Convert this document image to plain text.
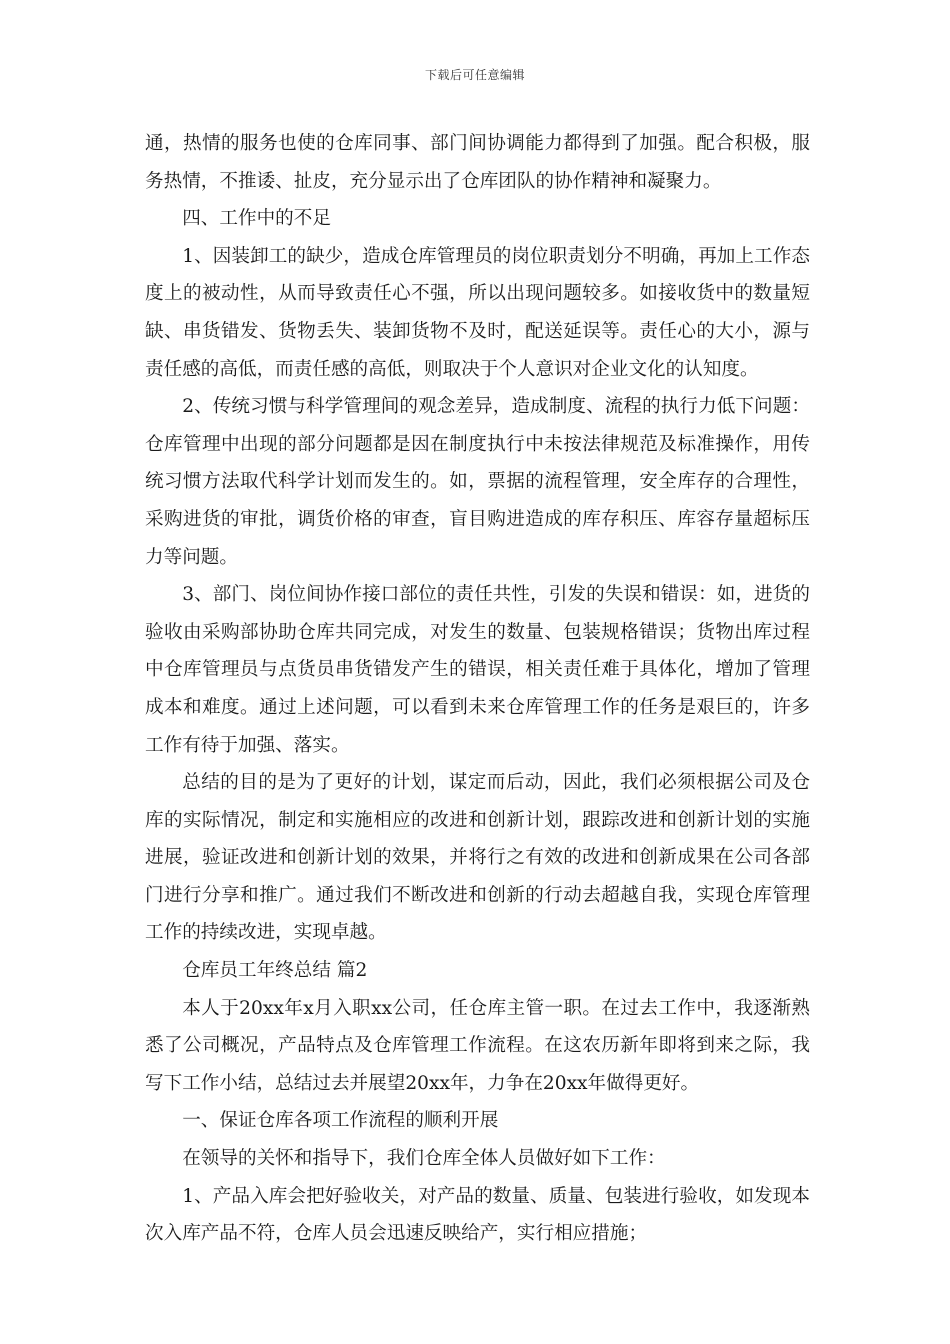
下载后可任意编辑

通，热情的服务也使的仓库同事、部门间协调能力都得到了加强。配合积极，服务热情，不推诿、扯皮，充分显示出了仓库团队的协作精神和凝聚力。

四、工作中的不足

1、因装卸工的缺少，造成仓库管理员的岗位职责划分不明确，再加上工作态度上的被动性，从而导致责任心不强，所以出现问题较多。如接收货中的数量短缺、串货错发、货物丢失、装卸货物不及时，配送延误等。责任心的大小，源与责任感的高低，而责任感的高低，则取决于个人意识对企业文化的认知度。

2、传统习惯与科学管理间的观念差异，造成制度、流程的执行力低下问题：仓库管理中出现的部分问题都是因在制度执行中未按法律规范及标准操作，用传统习惯方法取代科学计划而发生的。如，票据的流程管理，安全库存的合理性，采购进货的审批，调货价格的审查，盲目购进造成的库存积压、库容存量超标压力等问题。

3、部门、岗位间协作接口部位的责任共性，引发的失误和错误：如，进货的验收由采购部协助仓库共同完成，对发生的数量、包装规格错误；货物出库过程中仓库管理员与点货员串货错发产生的错误，相关责任难于具体化，增加了管理成本和难度。通过上述问题，可以看到未来仓库管理工作的任务是艰巨的，许多工作有待于加强、落实。

总结的目的是为了更好的计划，谋定而后动，因此，我们必须根据公司及仓库的实际情况，制定和实施相应的改进和创新计划，跟踪改进和创新计划的实施进展，验证改进和创新计划的效果，并将行之有效的改进和创新成果在公司各部门进行分享和推广。通过我们不断改进和创新的行动去超越自我，实现仓库管理工作的持续改进，实现卓越。

仓库员工年终总结 篇2

本人于20xx年x月入职xx公司，任仓库主管一职。在过去工作中，我逐渐熟悉了公司概况，产品特点及仓库管理工作流程。在这农历新年即将到来之际，我写下工作小结，总结过去并展望20xx年，力争在20xx年做得更好。

一、保证仓库各项工作流程的顺利开展

在领导的关怀和指导下，我们仓库全体人员做好如下工作：

1、产品入库会把好验收关，对产品的数量、质量、包装进行验收，如发现本次入库产品不符，仓库人员会迅速反映给产，实行相应措施；
